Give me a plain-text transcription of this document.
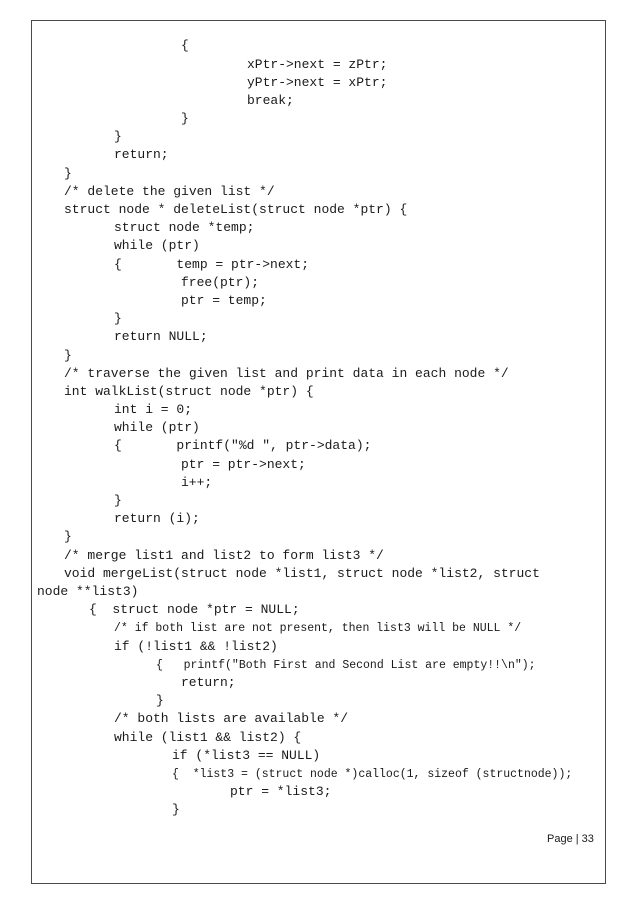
{
xPtr->next = zPtr;
yPtr->next = xPtr;
break;
}
}
return;
}
/* delete the given list */
struct node * deleteList(struct node *ptr) {
struct node *temp;
while (ptr)
{       temp = ptr->next;
free(ptr);
ptr = temp;
}
return NULL;
}
/* traverse the given list and print data in each node */
int walkList(struct node *ptr) {
int i = 0;
while (ptr)
{       printf("%d ", ptr->data);
ptr = ptr->next;
i++;
}
return (i);
}
/* merge list1 and list2 to form list3 */
void mergeList(struct node *list1, struct node *list2, struct
node **list3)
{  struct node *ptr = NULL;
/* if both list are not present, then list3 will be NULL */
if (!list1 && !list2)
{   printf("Both First and Second List are empty!!\n");
return;
}
/* both lists are available */
while (list1 && list2) {
if (*list3 == NULL)
{  *list3 = (struct node *)calloc(1, sizeof (structnode));
ptr = *list3;
}
Page | 33
